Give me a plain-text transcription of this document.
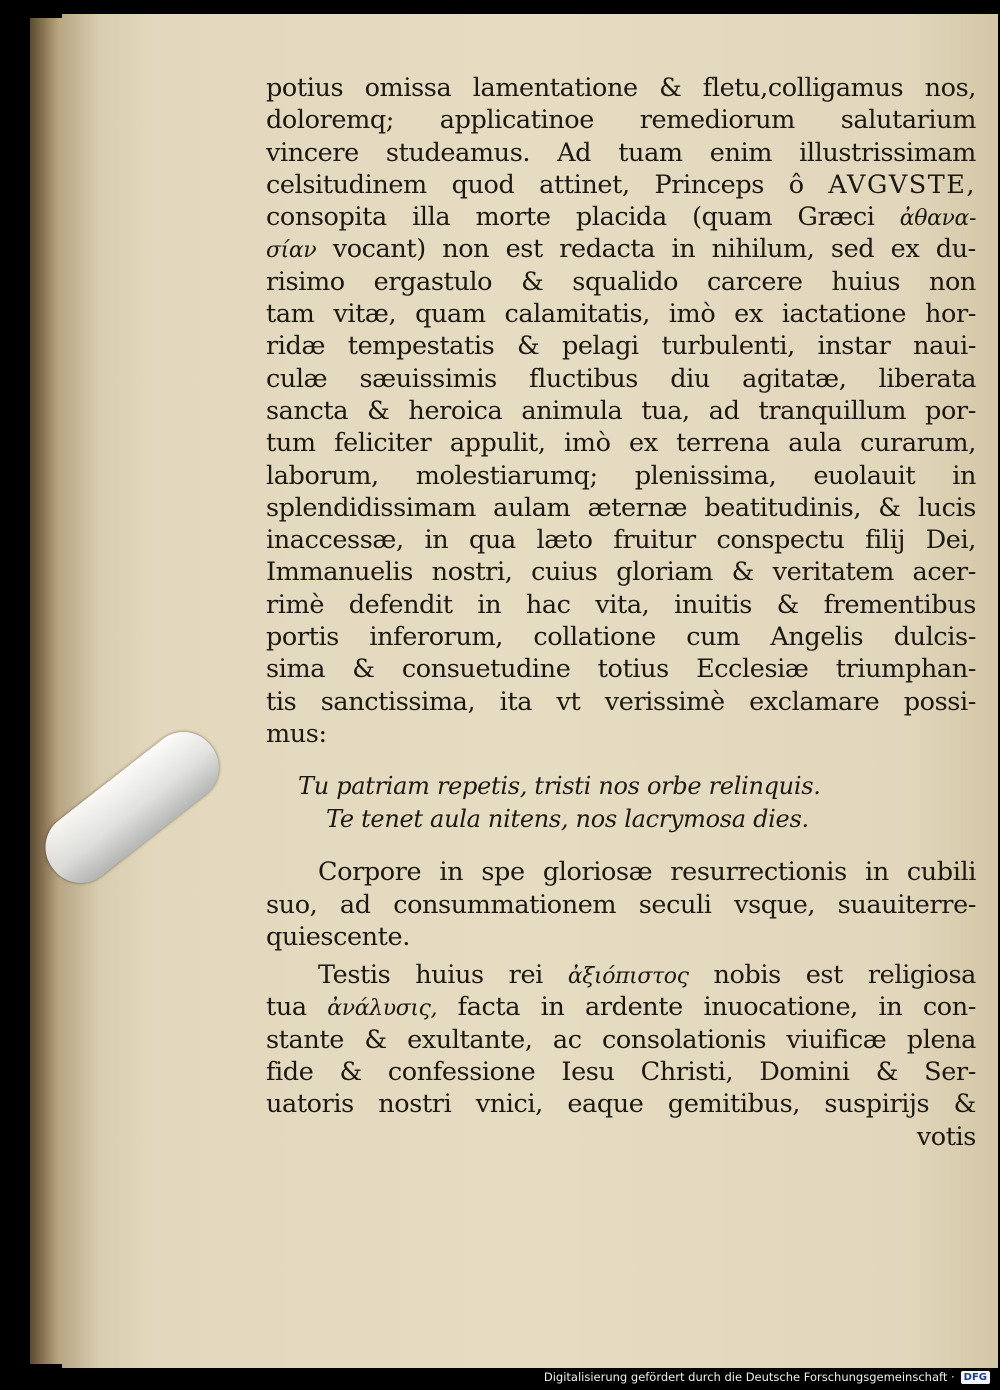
potius omissa lamentatione & fletu,colligamus nos,
doloremq; applicatinoe remediorum salutarium
vincere studeamus. Ad tuam enim illustrissimam
celsitudinem quod attinet, Princeps ô AVGVSTE,
consopita illa morte placida (quam Græci ἀθανα-
σίαν vocant) non est redacta in nihilum, sed ex du-
risimo ergastulo & squalido carcere huius non
tam vitæ, quam calamitatis, imò ex iactatione hor-
ridæ tempestatis & pelagi turbulenti, instar naui-
culæ sæuissimis fluctibus diu agitatæ, liberata
sancta & heroica animula tua, ad tranquillum por-
tum feliciter appulit, imò ex terrena aula curarum,
laborum, molestiarumq; plenissima, euolauit in
splendidissimam aulam æternæ beatitudinis, & lucis
inaccessæ, in qua læto fruitur conspectu filij Dei,
Immanuelis nostri, cuius gloriam & veritatem acer-
rimè defendit in hac vita, inuitis & frementibus
portis inferorum, collatione cum Angelis dulcis-
sima & consuetudine totius Ecclesiæ triumphan-
tis sanctissima, ita vt verissimè exclamare possi-
mus:
Tu patriam repetis, tristi nos orbe relinquis.
Te tenet aula nitens, nos lacrymosa dies.
Corpore in spe gloriosæ resurrectionis in cubili
suo, ad consummationem seculi vsque, suauiterre-
quiescente.
Testis huius rei ἀξιόπιστος nobis est religiosa
tua ἀνάλυσις, facta in ardente inuocatione, in con-
stante & exultante, ac consolationis viuificæ plena
fide & confessione Iesu Christi, Domini & Ser-
uatoris nostri vnici, eaque gemitibus, suspirijs &
votis
Digitalisierung gefördert durch die Deutsche Forschungsgemeinschaft · DFG
